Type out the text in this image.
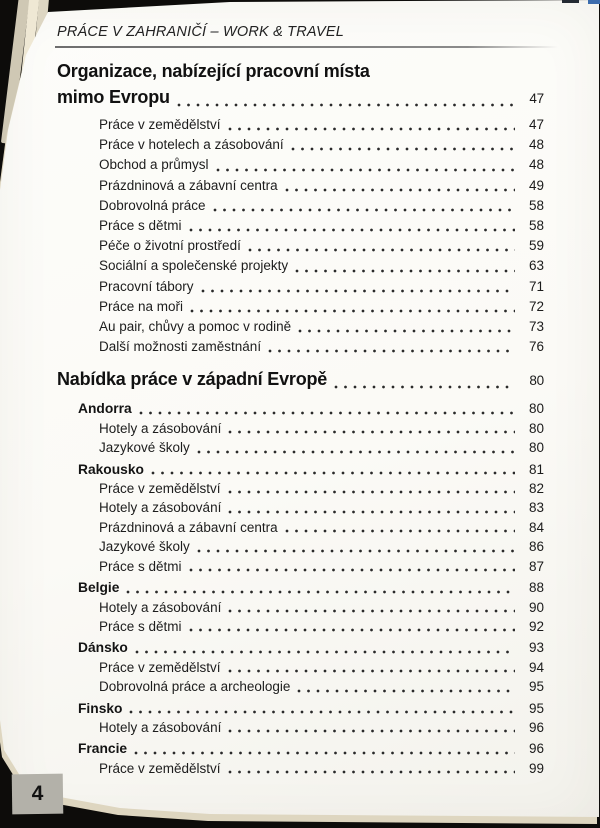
PRÁCE V ZAHRANIČÍ – WORK & TRAVEL
Organizace, nabízející pracovní místa
mimo Evropu	47
Práce v zemědělství	47
Práce v hotelech a zásobování	48
Obchod a průmysl	48
Prázdninová a zábavní centra	49
Dobrovolná práce	58
Práce s dětmi	58
Péče o životní prostředí	59
Sociální a společenské projekty	63
Pracovní tábory	71
Práce na moři	72
Au pair, chůvy a pomoc v rodině	73
Další možnosti zaměstnání	76
Nabídka práce v západní Evropě	80
Andorra	80
Hotely a zásobování	80
Jazykové školy	80
Rakousko	81
Práce v zemědělství	82
Hotely a zásobování	83
Prázdninová a zábavní centra	84
Jazykové školy	86
Práce s dětmi	87
Belgie	88
Hotely a zásobování	90
Práce s dětmi	92
Dánsko	93
Práce v zemědělství	94
Dobrovolná práce a archeologie	95
Finsko	95
Hotely a zásobování	96
Francie	96
Práce v zemědělství	99
4
